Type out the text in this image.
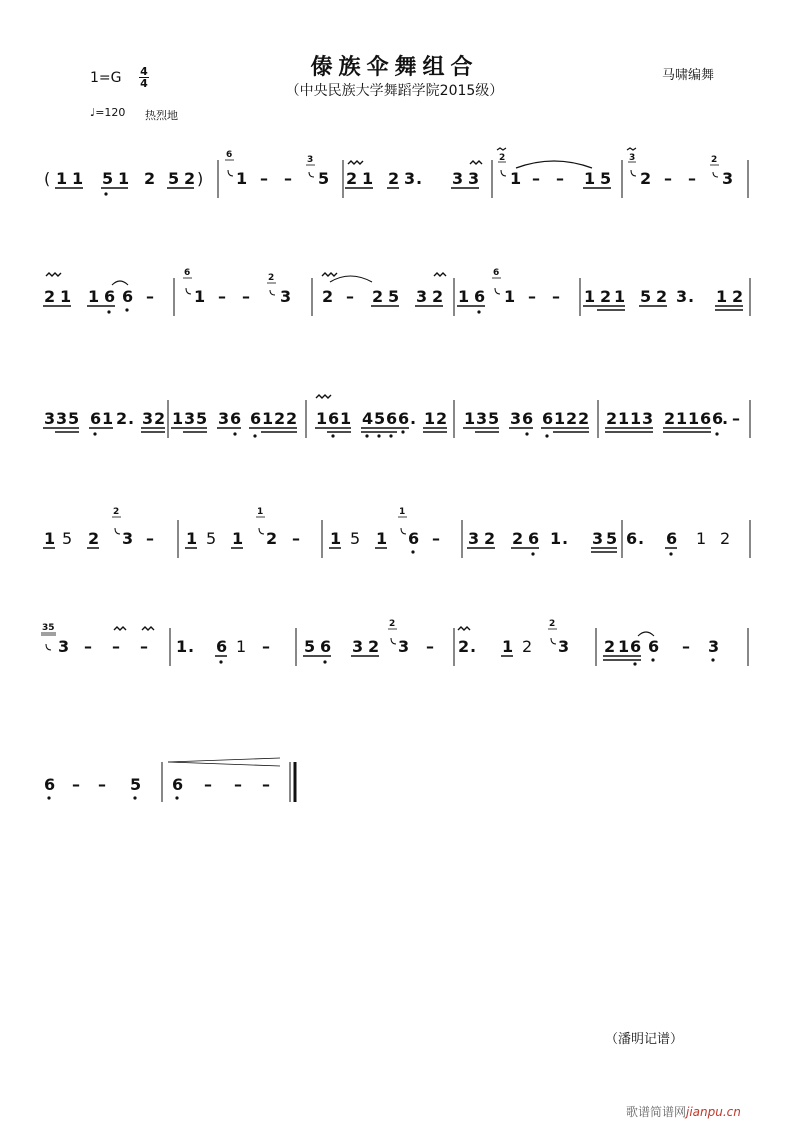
傣族伞舞组合
（中央民族大学舞蹈学院2015级）
1=G 4
4
♩=120 热烈地
马啸编舞
( 1 1 5 1 2 5 2 )
6
1 – –
3
5 2 1 2 3 . 3 3
2
1 – – 1 5
3
2 – –
2
3
2 1 1 6 6 –
6
1 – –
2
3 2 – 2 5 3 2 1 6
6
1 – – 1 2 1 5 2 3 . 1 2
3 3 5 6 1 2 . 3 2 1 3 5 3 6 6 1 2 2 1 6 1 4 5 6 6 . 1 2 1 3 5 3 6 6 1 2 2 2 1 1 3 2 1 1 6 6
. –
1 5 2
2
3 – 1 5 1
1
2 – 1 5 1
1
6 – 3 2 2 6 1 . 3 5 6 . 6 1 2
35
3 – – – 1 . 6 1 – 5 6 3 2
2
3 – 2 . 1 2
2
3 2 1 6 6 – 3
6 – – 5 6 – – –
（潘明记谱）
歌谱简谱网jianpu.cn
